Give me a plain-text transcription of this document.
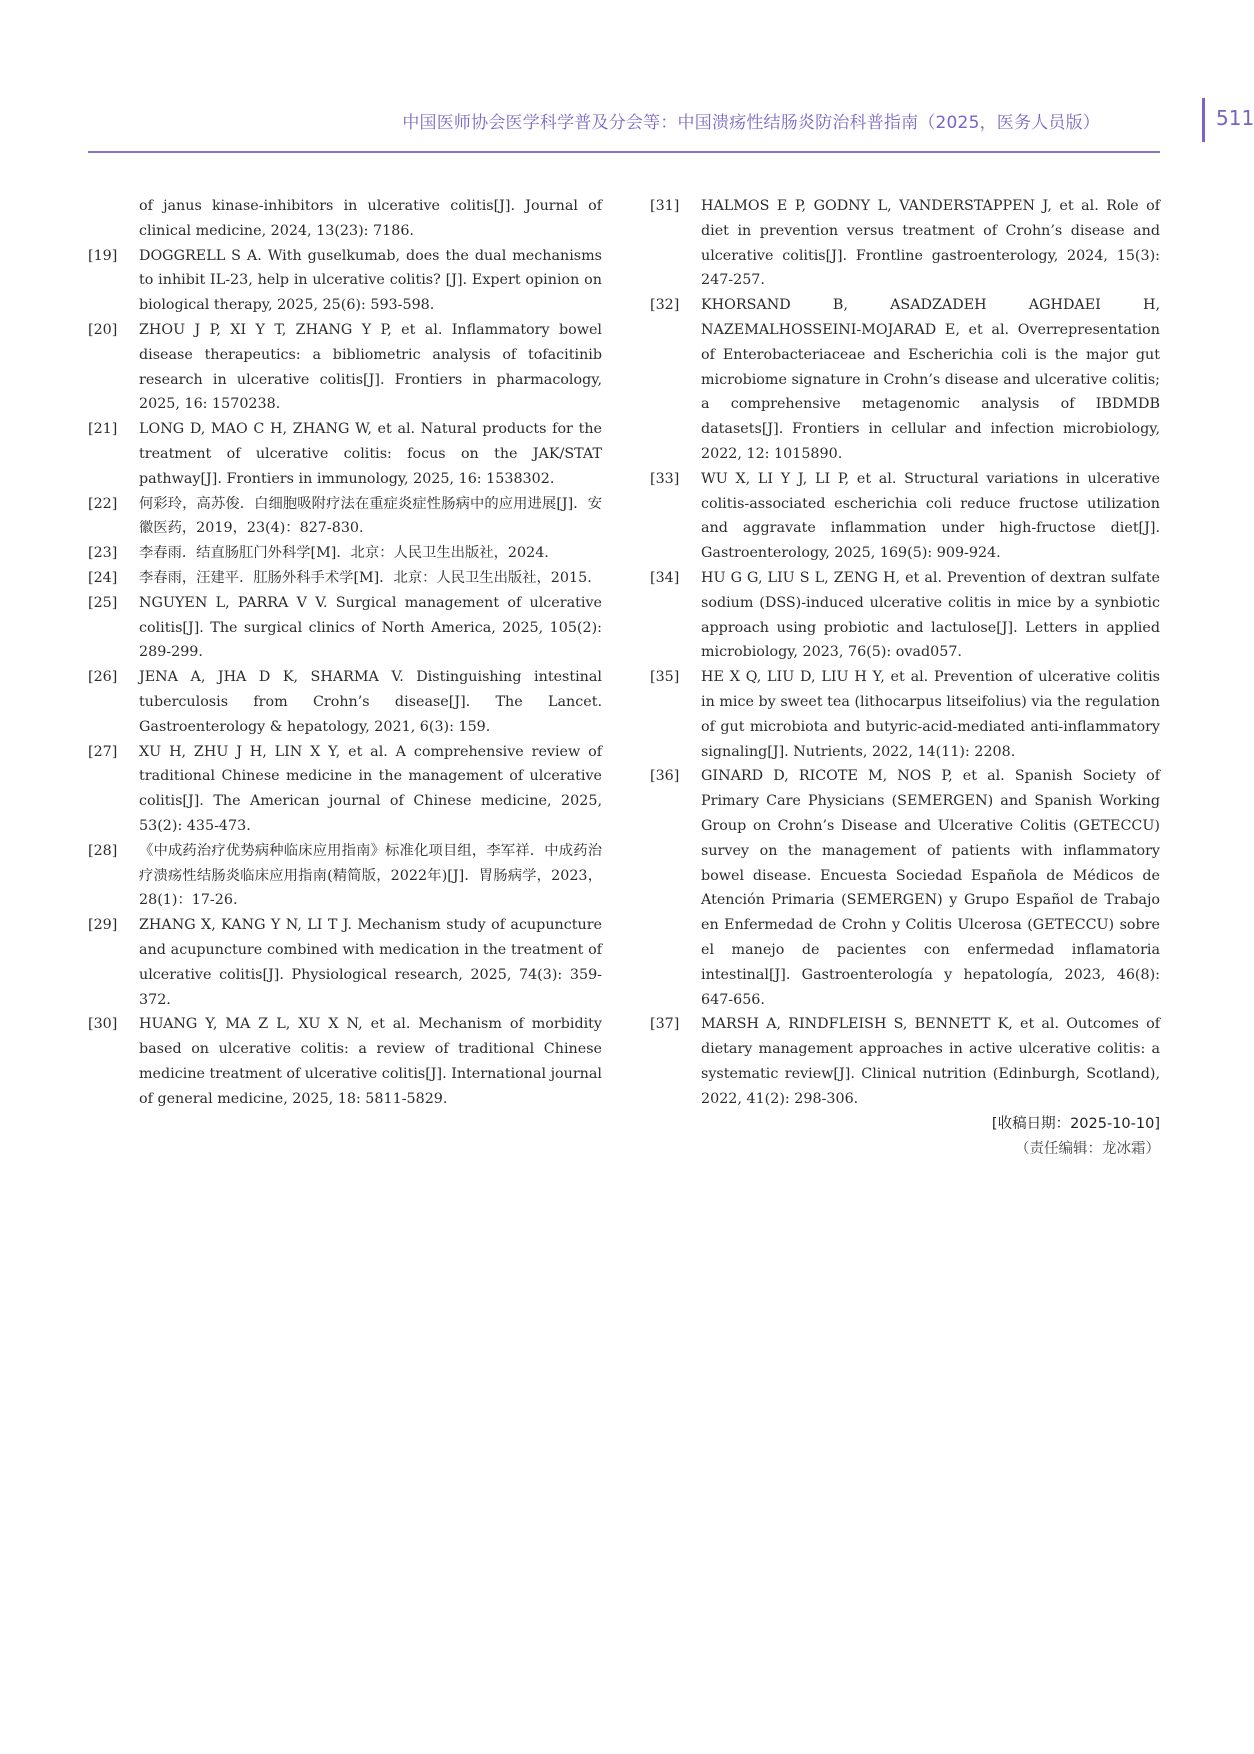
中国医师协会医学科学普及分会等：中国溃疡性结肠炎防治科普指南（2025，医务人员版）	511
of janus kinase-inhibitors in ulcerative colitis[J]. Journal of clinical medicine, 2024, 13(23): 7186.
[19] DOGGRELL S A. With guselkumab, does the dual mechanisms to inhibit IL-23, help in ulcerative colitis? [J]. Expert opinion on biological therapy, 2025, 25(6): 593-598.
[20] ZHOU J P, XI Y T, ZHANG Y P, et al. Inflammatory bowel disease therapeutics: a bibliometric analysis of tofacitinib research in ulcerative colitis[J]. Frontiers in pharmacology, 2025, 16: 1570238.
[21] LONG D, MAO C H, ZHANG W, et al. Natural products for the treatment of ulcerative colitis: focus on the JAK/STAT pathway[J]. Frontiers in immunology, 2025, 16: 1538302.
[22] 何彩玲，高苏俊．白细胞吸附疗法在重症炎症性肠病中的应用进展[J]．安徽医药，2019，23(4)：827-830.
[23] 李春雨．结直肠肛门外科学[M]．北京：人民卫生出版社，2024.
[24] 李春雨，汪建平．肛肠外科手术学[M]．北京：人民卫生出版社，2015.
[25] NGUYEN L, PARRA V V. Surgical management of ulcerative colitis[J]. The surgical clinics of North America, 2025, 105(2): 289-299.
[26] JENA A, JHA D K, SHARMA V. Distinguishing intestinal tuberculosis from Crohn’s disease[J]. The Lancet. Gastroenterology & hepatology, 2021, 6(3): 159.
[27] XU H, ZHU J H, LIN X Y, et al. A comprehensive review of traditional Chinese medicine in the management of ulcerative colitis[J]. The American journal of Chinese medicine, 2025, 53(2): 435-473.
[28] 《中成药治疗优势病种临床应用指南》标准化项目组，李军祥．中成药治疗溃疡性结肠炎临床应用指南(精简版，2022年)[J]．胃肠病学，2023，28(1)：17-26.
[29] ZHANG X, KANG Y N, LI T J. Mechanism study of acupuncture and acupuncture combined with medication in the treatment of ulcerative colitis[J]. Physiological research, 2025, 74(3): 359-372.
[30] HUANG Y, MA Z L, XU X N, et al. Mechanism of morbidity based on ulcerative colitis: a review of traditional Chinese medicine treatment of ulcerative colitis[J]. International journal of general medicine, 2025, 18: 5811-5829.
[31] HALMOS E P, GODNY L, VANDERSTAPPEN J, et al. Role of diet in prevention versus treatment of Crohn’s disease and ulcerative colitis[J]. Frontline gastroenterology, 2024, 15(3): 247-257.
[32] KHORSAND B, ASADZADEH AGHDAEI H, NAZEMALHOSSEINI-MOJARAD E, et al. Overrepresentation of Enterobacteriaceae and Escherichia coli is the major gut microbiome signature in Crohn’s disease and ulcerative colitis; a comprehensive metagenomic analysis of IBDMDB datasets[J]. Frontiers in cellular and infection microbiology, 2022, 12: 1015890.
[33] WU X, LI Y J, LI P, et al. Structural variations in ulcerative colitis-associated escherichia coli reduce fructose utilization and aggravate inflammation under high-fructose diet[J]. Gastroenterology, 2025, 169(5): 909-924.
[34] HU G G, LIU S L, ZENG H, et al. Prevention of dextran sulfate sodium (DSS)-induced ulcerative colitis in mice by a synbiotic approach using probiotic and lactulose[J]. Letters in applied microbiology, 2023, 76(5): ovad057.
[35] HE X Q, LIU D, LIU H Y, et al. Prevention of ulcerative colitis in mice by sweet tea (lithocarpus litseifolius) via the regulation of gut microbiota and butyric-acid-mediated anti-inflammatory signaling[J]. Nutrients, 2022, 14(11): 2208.
[36] GINARD D, RICOTE M, NOS P, et al. Spanish Society of Primary Care Physicians (SEMERGEN) and Spanish Working Group on Crohn’s Disease and Ulcerative Colitis (GETECCU) survey on the management of patients with inflammatory bowel disease. Encuesta Sociedad Española de Médicos de Atención Primaria (SEMERGEN) y Grupo Español de Trabajo en Enfermedad de Crohn y Colitis Ulcerosa (GETECCU) sobre el manejo de pacientes con enfermedad inflamatoria intestinal[J]. Gastroenterología y hepatología, 2023, 46(8): 647-656.
[37] MARSH A, RINDFLEISH S, BENNETT K, et al. Outcomes of dietary management approaches in active ulcerative colitis: a systematic review[J]. Clinical nutrition (Edinburgh, Scotland), 2022, 41(2): 298-306.
[收稿日期：2025-10-10]
（责任编辑：龙冰霜）
